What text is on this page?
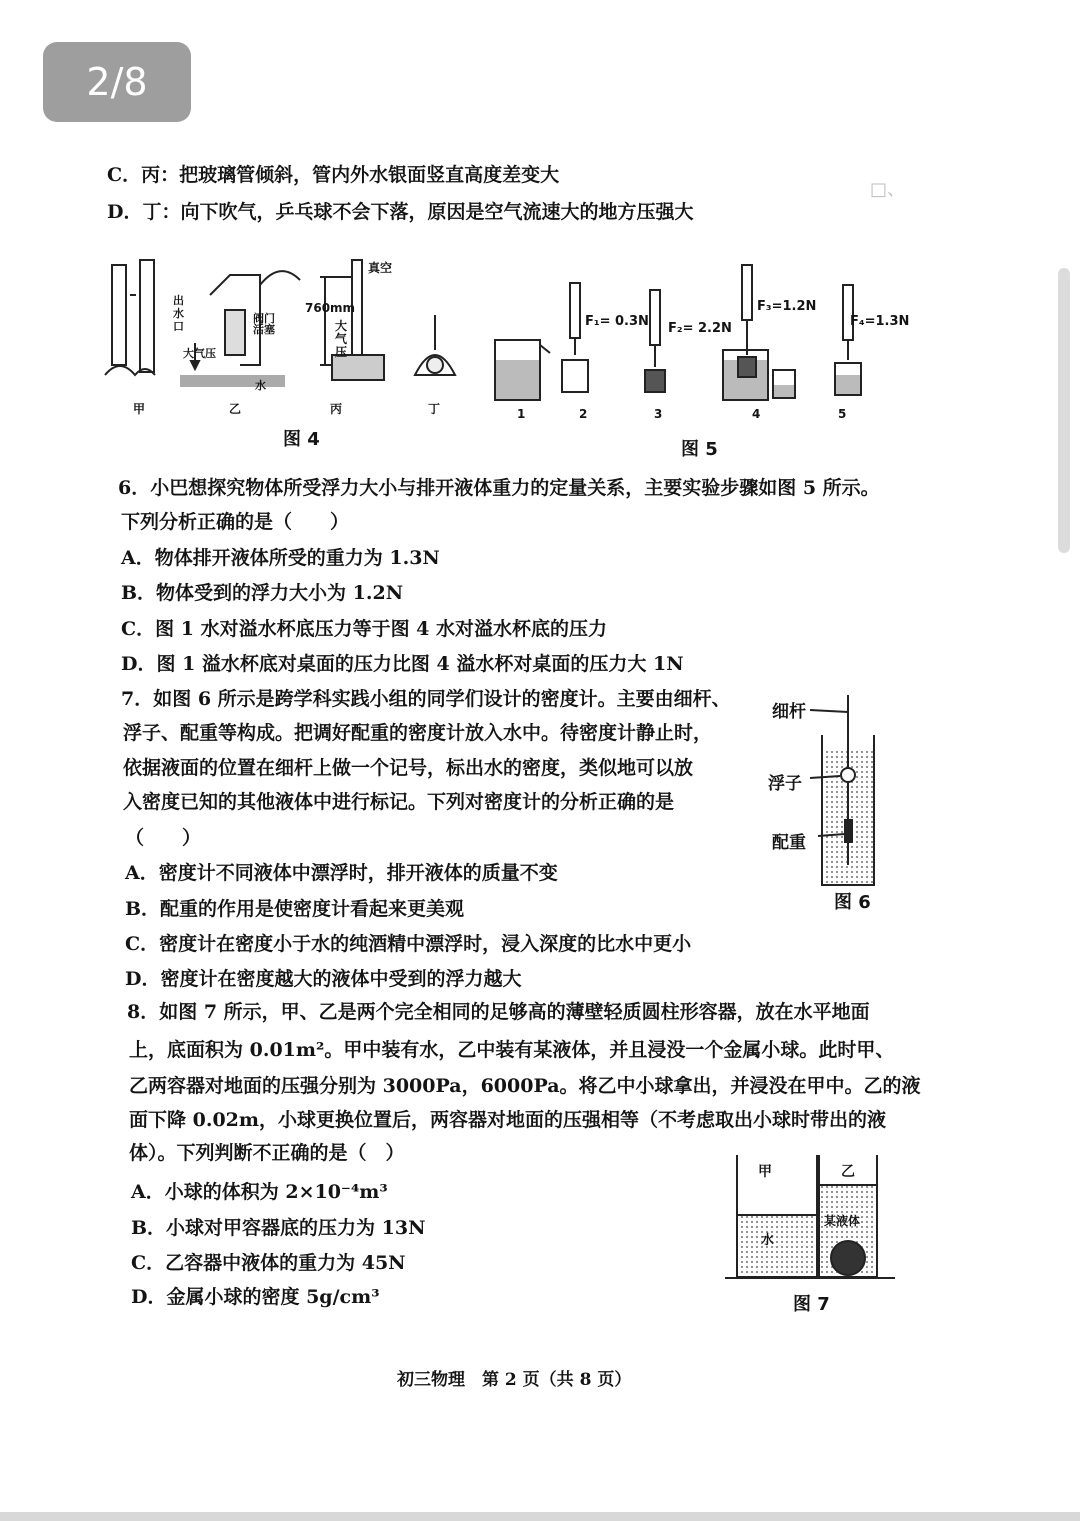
2/8
C．丙：把玻璃管倾斜，管内外水银面竖直高度差变大
D．丁：向下吹气，乒乓球不会下落，原因是空气流速大的地方压强大
真空
760mm
大气压
出水口
阀门
活塞
大气压
水
甲	乙	丙	丁
图 4
F₁= 0.3N F₂= 2.2N
F₃=1.2N
F₄=1.3N
1	2	3	4	5
图 5
□、
6．小巴想探究物体所受浮力大小与排开液体重力的定量关系，主要实验步骤如图 5 所示。
下列分析正确的是（　　）
A．物体排开液体所受的重力为 1.3N
B．物体受到的浮力大小为 1.2N
C．图 1 水对溢水杯底压力等于图 4 水对溢水杯底的压力
D．图 1 溢水杯底对桌面的压力比图 4 溢水杯对桌面的压力大 1N
7．如图 6 所示是跨学科实践小组的同学们设计的密度计。主要由细杆、
浮子、配重等构成。把调好配重的密度计放入水中。待密度计静止时，
依据液面的位置在细杆上做一个记号，标出水的密度，类似地可以放
入密度已知的其他液体中进行标记。下列对密度计的分析正确的是
（　　）
A．密度计不同液体中漂浮时，排开液体的质量不变
B．配重的作用是使密度计看起来更美观
C．密度计在密度小于水的纯酒精中漂浮时，浸入深度的比水中更小
D．密度计在密度越大的液体中受到的浮力越大
细杆
浮子
配重
图 6
8．如图 7 所示，甲、乙是两个完全相同的足够高的薄壁轻质圆柱形容器，放在水平地面
上，底面积为 0.01m²。甲中装有水，乙中装有某液体，并且浸没一个金属小球。此时甲、
乙两容器对地面的压强分别为 3000Pa，6000Pa。将乙中小球拿出，并浸没在甲中。乙的液
面下降 0.02m，小球更换位置后，两容器对地面的压强相等（不考虑取出小球时带出的液
体）。下列判断不正确的是（　）
A．小球的体积为 2×10⁻⁴m³
B．小球对甲容器底的压力为 13N
C．乙容器中液体的重力为 45N
D．金属小球的密度 5g/cm³
甲	乙
水
某液体
图 7
初三物理　第 2 页（共 8 页）
